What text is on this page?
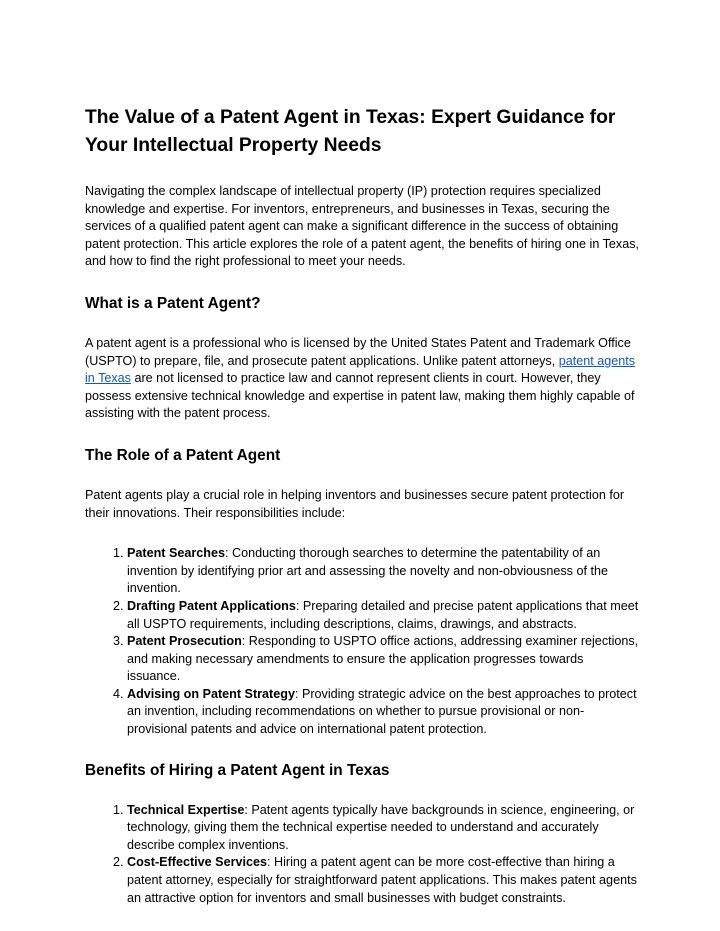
The Value of a Patent Agent in Texas: Expert Guidance for Your Intellectual Property Needs

Navigating the complex landscape of intellectual property (IP) protection requires specialized knowledge and expertise. For inventors, entrepreneurs, and businesses in Texas, securing the services of a qualified patent agent can make a significant difference in the success of obtaining patent protection. This article explores the role of a patent agent, the benefits of hiring one in Texas, and how to find the right professional to meet your needs.

What is a Patent Agent?

A patent agent is a professional who is licensed by the United States Patent and Trademark Office (USPTO) to prepare, file, and prosecute patent applications. Unlike patent attorneys, patent agents in Texas are not licensed to practice law and cannot represent clients in court. However, they possess extensive technical knowledge and expertise in patent law, making them highly capable of assisting with the patent process.

The Role of a Patent Agent

Patent agents play a crucial role in helping inventors and businesses secure patent protection for their innovations. Their responsibilities include:

1. Patent Searches: Conducting thorough searches to determine the patentability of an invention by identifying prior art and assessing the novelty and non-obviousness of the invention.
2. Drafting Patent Applications: Preparing detailed and precise patent applications that meet all USPTO requirements, including descriptions, claims, drawings, and abstracts.
3. Patent Prosecution: Responding to USPTO office actions, addressing examiner rejections, and making necessary amendments to ensure the application progresses towards issuance.
4. Advising on Patent Strategy: Providing strategic advice on the best approaches to protect an invention, including recommendations on whether to pursue provisional or non-provisional patents and advice on international patent protection.
Benefits of Hiring a Patent Agent in Texas
1. Technical Expertise: Patent agents typically have backgrounds in science, engineering, or technology, giving them the technical expertise needed to understand and accurately describe complex inventions.
2. Cost-Effective Services: Hiring a patent agent can be more cost-effective than hiring a patent attorney, especially for straightforward patent applications. This makes patent agents an attractive option for inventors and small businesses with budget constraints.
